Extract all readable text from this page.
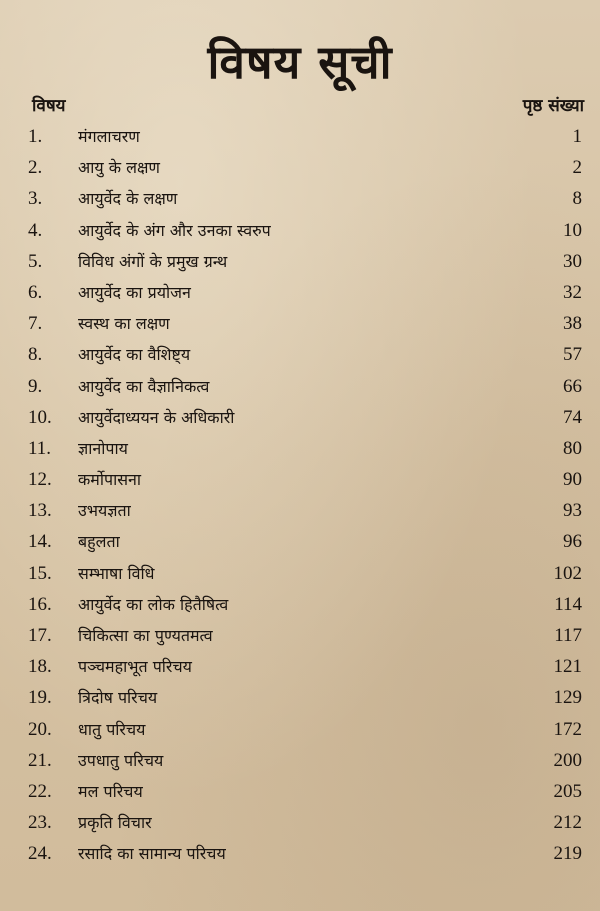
विषय सूची
विषय	पृष्ठ संख्या
1.	मंगलाचरण	1
2.	आयु के लक्षण	2
3.	आयुर्वेद के लक्षण	8
4.	आयुर्वेद के अंग और उनका स्वरुप	10
5.	विविध अंगों के प्रमुख ग्रन्थ	30
6.	आयुर्वेद का प्रयोजन	32
7.	स्वस्थ का लक्षण	38
8.	आयुर्वेद का वैशिष्ट्य	57
9.	आयुर्वेद का वैज्ञानिकत्व	66
10.	आयुर्वेदाध्ययन के अधिकारी	74
11.	ज्ञानोपाय	80
12.	कर्मोपासना	90
13.	उभयज्ञता	93
14.	बहुलता	96
15.	सम्भाषा विधि	102
16.	आयुर्वेद का लोक हितैषित्व	114
17.	चिकित्सा का पुण्यतमत्व	117
18.	पञ्चमहाभूत परिचय	121
19.	त्रिदोष परिचय	129
20.	धातु परिचय	172
21.	उपधातु परिचय	200
22.	मल परिचय	205
23.	प्रकृति विचार	212
24.	रसादि का सामान्य परिचय	219
